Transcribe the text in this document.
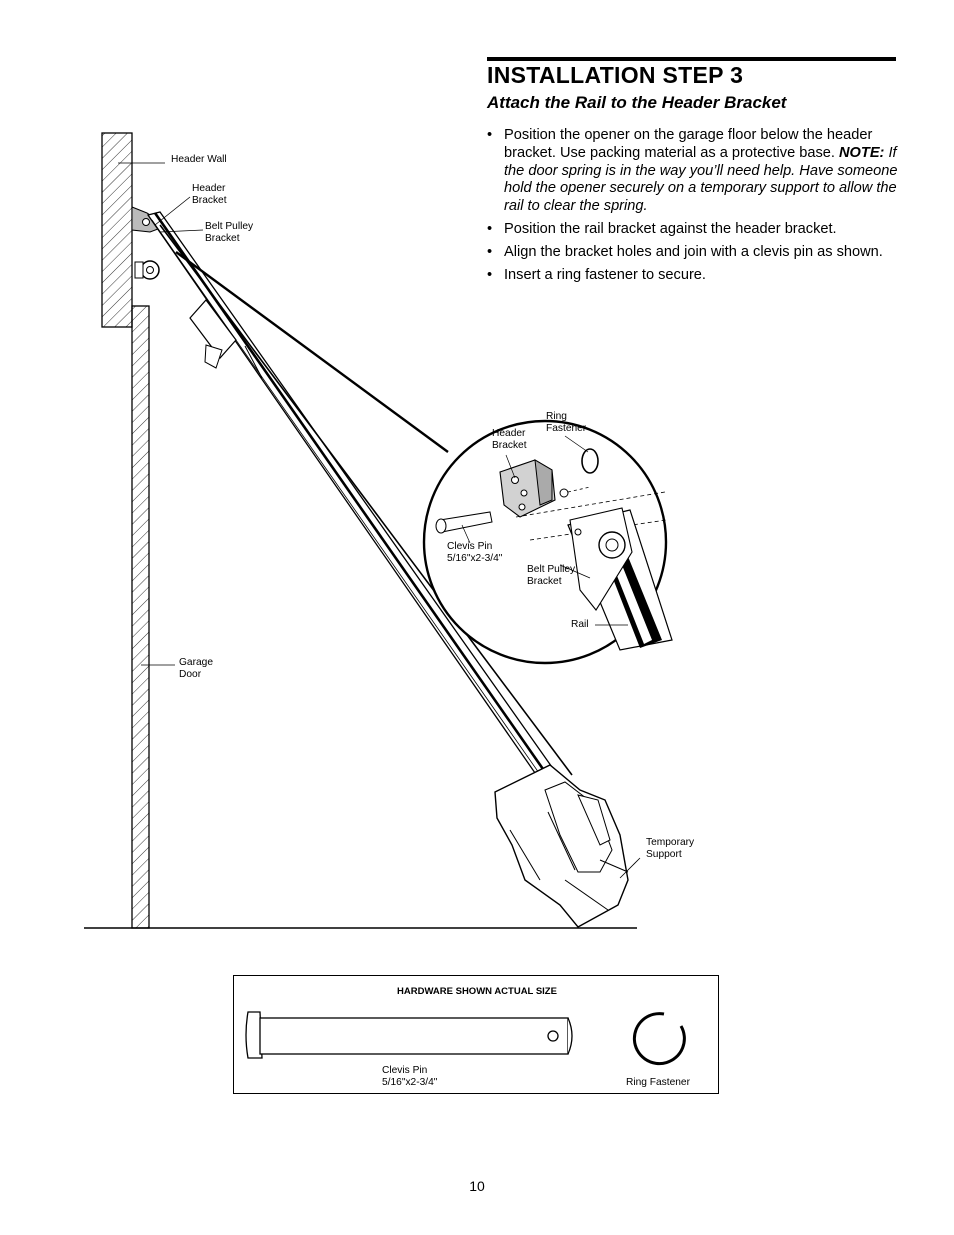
INSTALLATION STEP 3
Attach the Rail to the Header Bracket
• Position the opener on the garage floor below the header bracket. Use packing material as a protective base. NOTE: If the door spring is in the way you’ll need help. Have someone hold the opener securely on a temporary support to allow the rail to clear the spring.
• Position the rail bracket against the header bracket.
• Align the bracket holes and join with a clevis pin as shown.
• Insert a ring fastener to secure.
Header Wall
Header
Bracket
Belt Pulley
Bracket
Garage
Door
Temporary
Support
Ring
Fastener
Header
Bracket
Clevis Pin
5/16"x2-3/4"
Belt Pulley
Bracket
Rail
HARDWARE SHOWN ACTUAL SIZE
Clevis Pin
5/16"x2-3/4"	Ring Fastener
10
